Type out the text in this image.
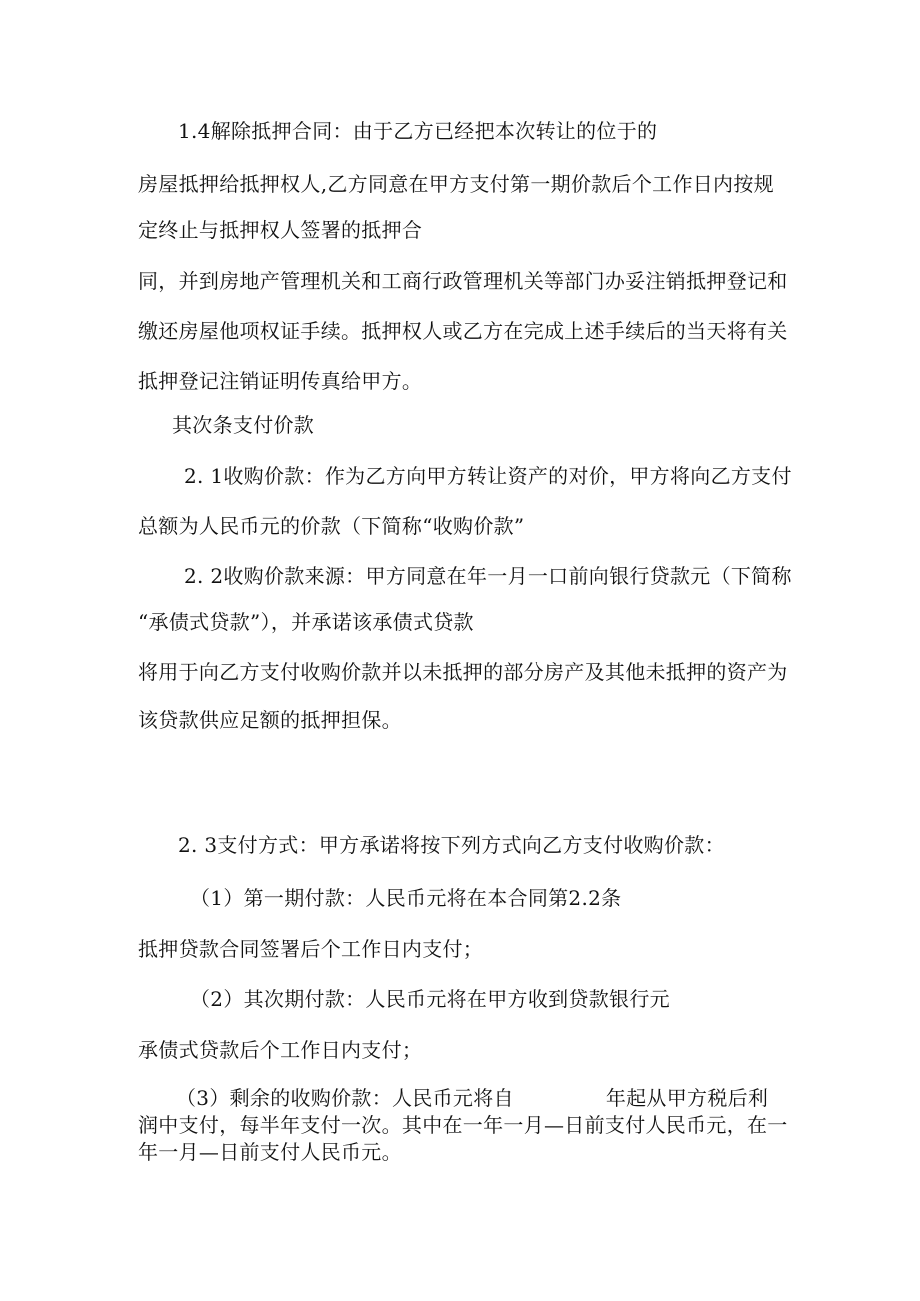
1.4解除抵押合同：由于乙方已经把本次转让的位于的
房屋抵押给抵押权人,乙方同意在甲方支付第一期价款后个工作日内按规
定终止与抵押权人签署的抵押合
同，并到房地产管理机关和工商行政管理机关等部门办妥注销抵押登记和
缴还房屋他项权证手续。抵押权人或乙方在完成上述手续后的当天将有关
抵押登记注销证明传真给甲方。
其次条支付价款
2. 1收购价款：作为乙方向甲方转让资产的对价，甲方将向乙方支付
总额为人民币元的价款（下简称“收购价款”
2. 2收购价款来源：甲方同意在年一月一口前向银行贷款元（下简称
“承债式贷款”），并承诺该承债式贷款
将用于向乙方支付收购价款并以未抵押的部分房产及其他未抵押的资产为
该贷款供应足额的抵押担保。
2. 3支付方式：甲方承诺将按下列方式向乙方支付收购价款：
（1）第一期付款：人民币元将在本合同第2.2条
抵押贷款合同签署后个工作日内支付；
（2）其次期付款：人民币元将在甲方收到贷款银行元
承债式贷款后个工作日内支付；
（3）剩余的收购价款：人民币元将自	年起从甲方税后利
润中支付，每半年支付一次。其中在一年一月—日前支付人民币元，在一
年一月—日前支付人民币元。
